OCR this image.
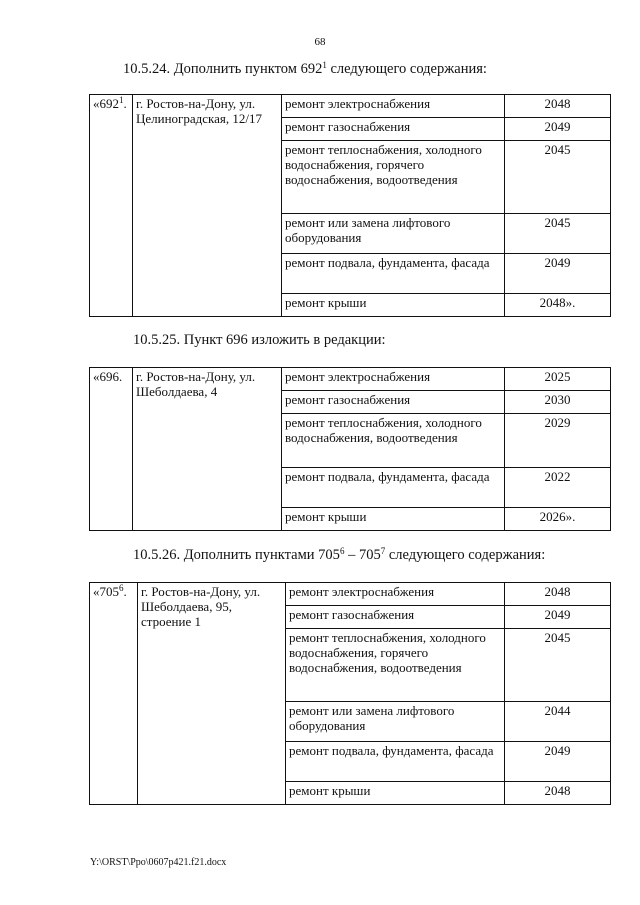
68
10.5.24. Дополнить пунктом $692^1$ следующего содержания:
«$692^1$.	г. Ростов-на-Дону, ул. Целиноградская, 12/17	ремонт электроснабжения	2048
		ремонт газоснабжения	2049
		ремонт теплоснабжения, холодного водоснабжения, горячего водоснабжения, водоотведения	2045
		ремонт или замена лифтового оборудования	2045
		ремонт подвала, фундамента, фасада	2049
		ремонт крыши	2048».
10.5.25. Пункт 696 изложить в редакции:
«696.	г. Ростов-на-Дону, ул. Шеболдаева, 4	ремонт электроснабжения	2025
		ремонт газоснабжения	2030
		ремонт теплоснабжения, холодного водоснабжения, водоотведения	2029
		ремонт подвала, фундамента, фасада	2022
		ремонт крыши	2026».
10.5.26. Дополнить пунктами $705^6 - 705^7$ следующего содержания:
«$705^6$.	г. Ростов-на-Дону, ул. Шеболдаева, 95, строение 1	ремонт электроснабжения	2048
		ремонт газоснабжения	2049
		ремонт теплоснабжения, холодного водоснабжения, горячего водоснабжения, водоотведения	2045
		ремонт или замена лифтового оборудования	2044
		ремонт подвала, фундамента, фасада	2049
		ремонт крыши	2048
Y:\ORST\Ppo\0607p421.f21.docx
